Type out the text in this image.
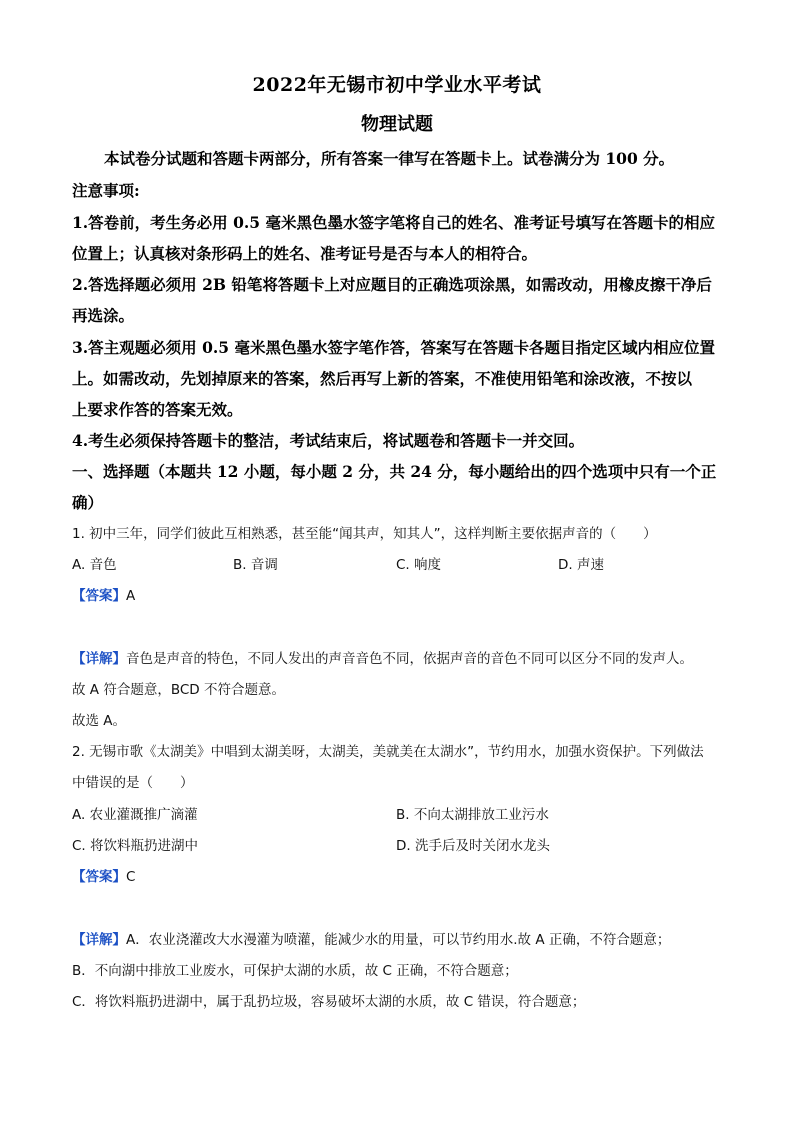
2022年无锡市初中学业水平考试
物理试题
本试卷分试题和答题卡两部分，所有答案一律写在答题卡上。试卷满分为 100 分。
注意事项:
1.答卷前，考生务必用 0.5 毫米黑色墨水签字笔将自己的姓名、准考证号填写在答题卡的相应
位置上；认真核对条形码上的姓名、准考证号是否与本人的相符合。
2.答选择题必须用 2B 铅笔将答题卡上对应题目的正确选项涂黑，如需改动，用橡皮擦干净后
再选涂。
3.答主观题必须用 0.5 毫米黑色墨水签字笔作答，答案写在答题卡各题目指定区域内相应位置
上。如需改动，先划掉原来的答案，然后再写上新的答案，不准使用铅笔和涂改液，不按以
上要求作答的答案无效。
4.考生必须保持答题卡的整洁，考试结束后，将试题卷和答题卡一并交回。
一、选择题（本题共 12 小题，每小题 2 分，共 24 分，每小题给出的四个选项中只有一个正
确）
1. 初中三年，同学们彼此互相熟悉，甚至能“闻其声，知其人”，这样判断主要依据声音的（　　）
A. 音色	B. 音调	C. 响度	D. 声速
【答案】A
【详解】音色是声音的特色，不同人发出的声音音色不同，依据声音的音色不同可以区分不同的发声人。
故 A 符合题意，BCD 不符合题意。
故选 A。
2. 无锡市歌《太湖美》中唱到太湖美呀，太湖美，美就美在太湖水”，节约用水，加强水资保护。下列做法
中错误的是（　　）
A. 农业灌溉推广滴灌	B. 不向太湖排放工业污水
C. 将饮料瓶扔进湖中	D. 洗手后及时关闭水龙头
【答案】C
【详解】A．农业浇灌改大水漫灌为喷灌，能减少水的用量，可以节约用水.故 A 正确，不符合题意；
B．不向湖中排放工业废水，可保护太湖的水质，故 C 正确，不符合题意；
C．将饮料瓶扔进湖中，属于乱扔垃圾，容易破坏太湖的水质，故 C 错误，符合题意；
